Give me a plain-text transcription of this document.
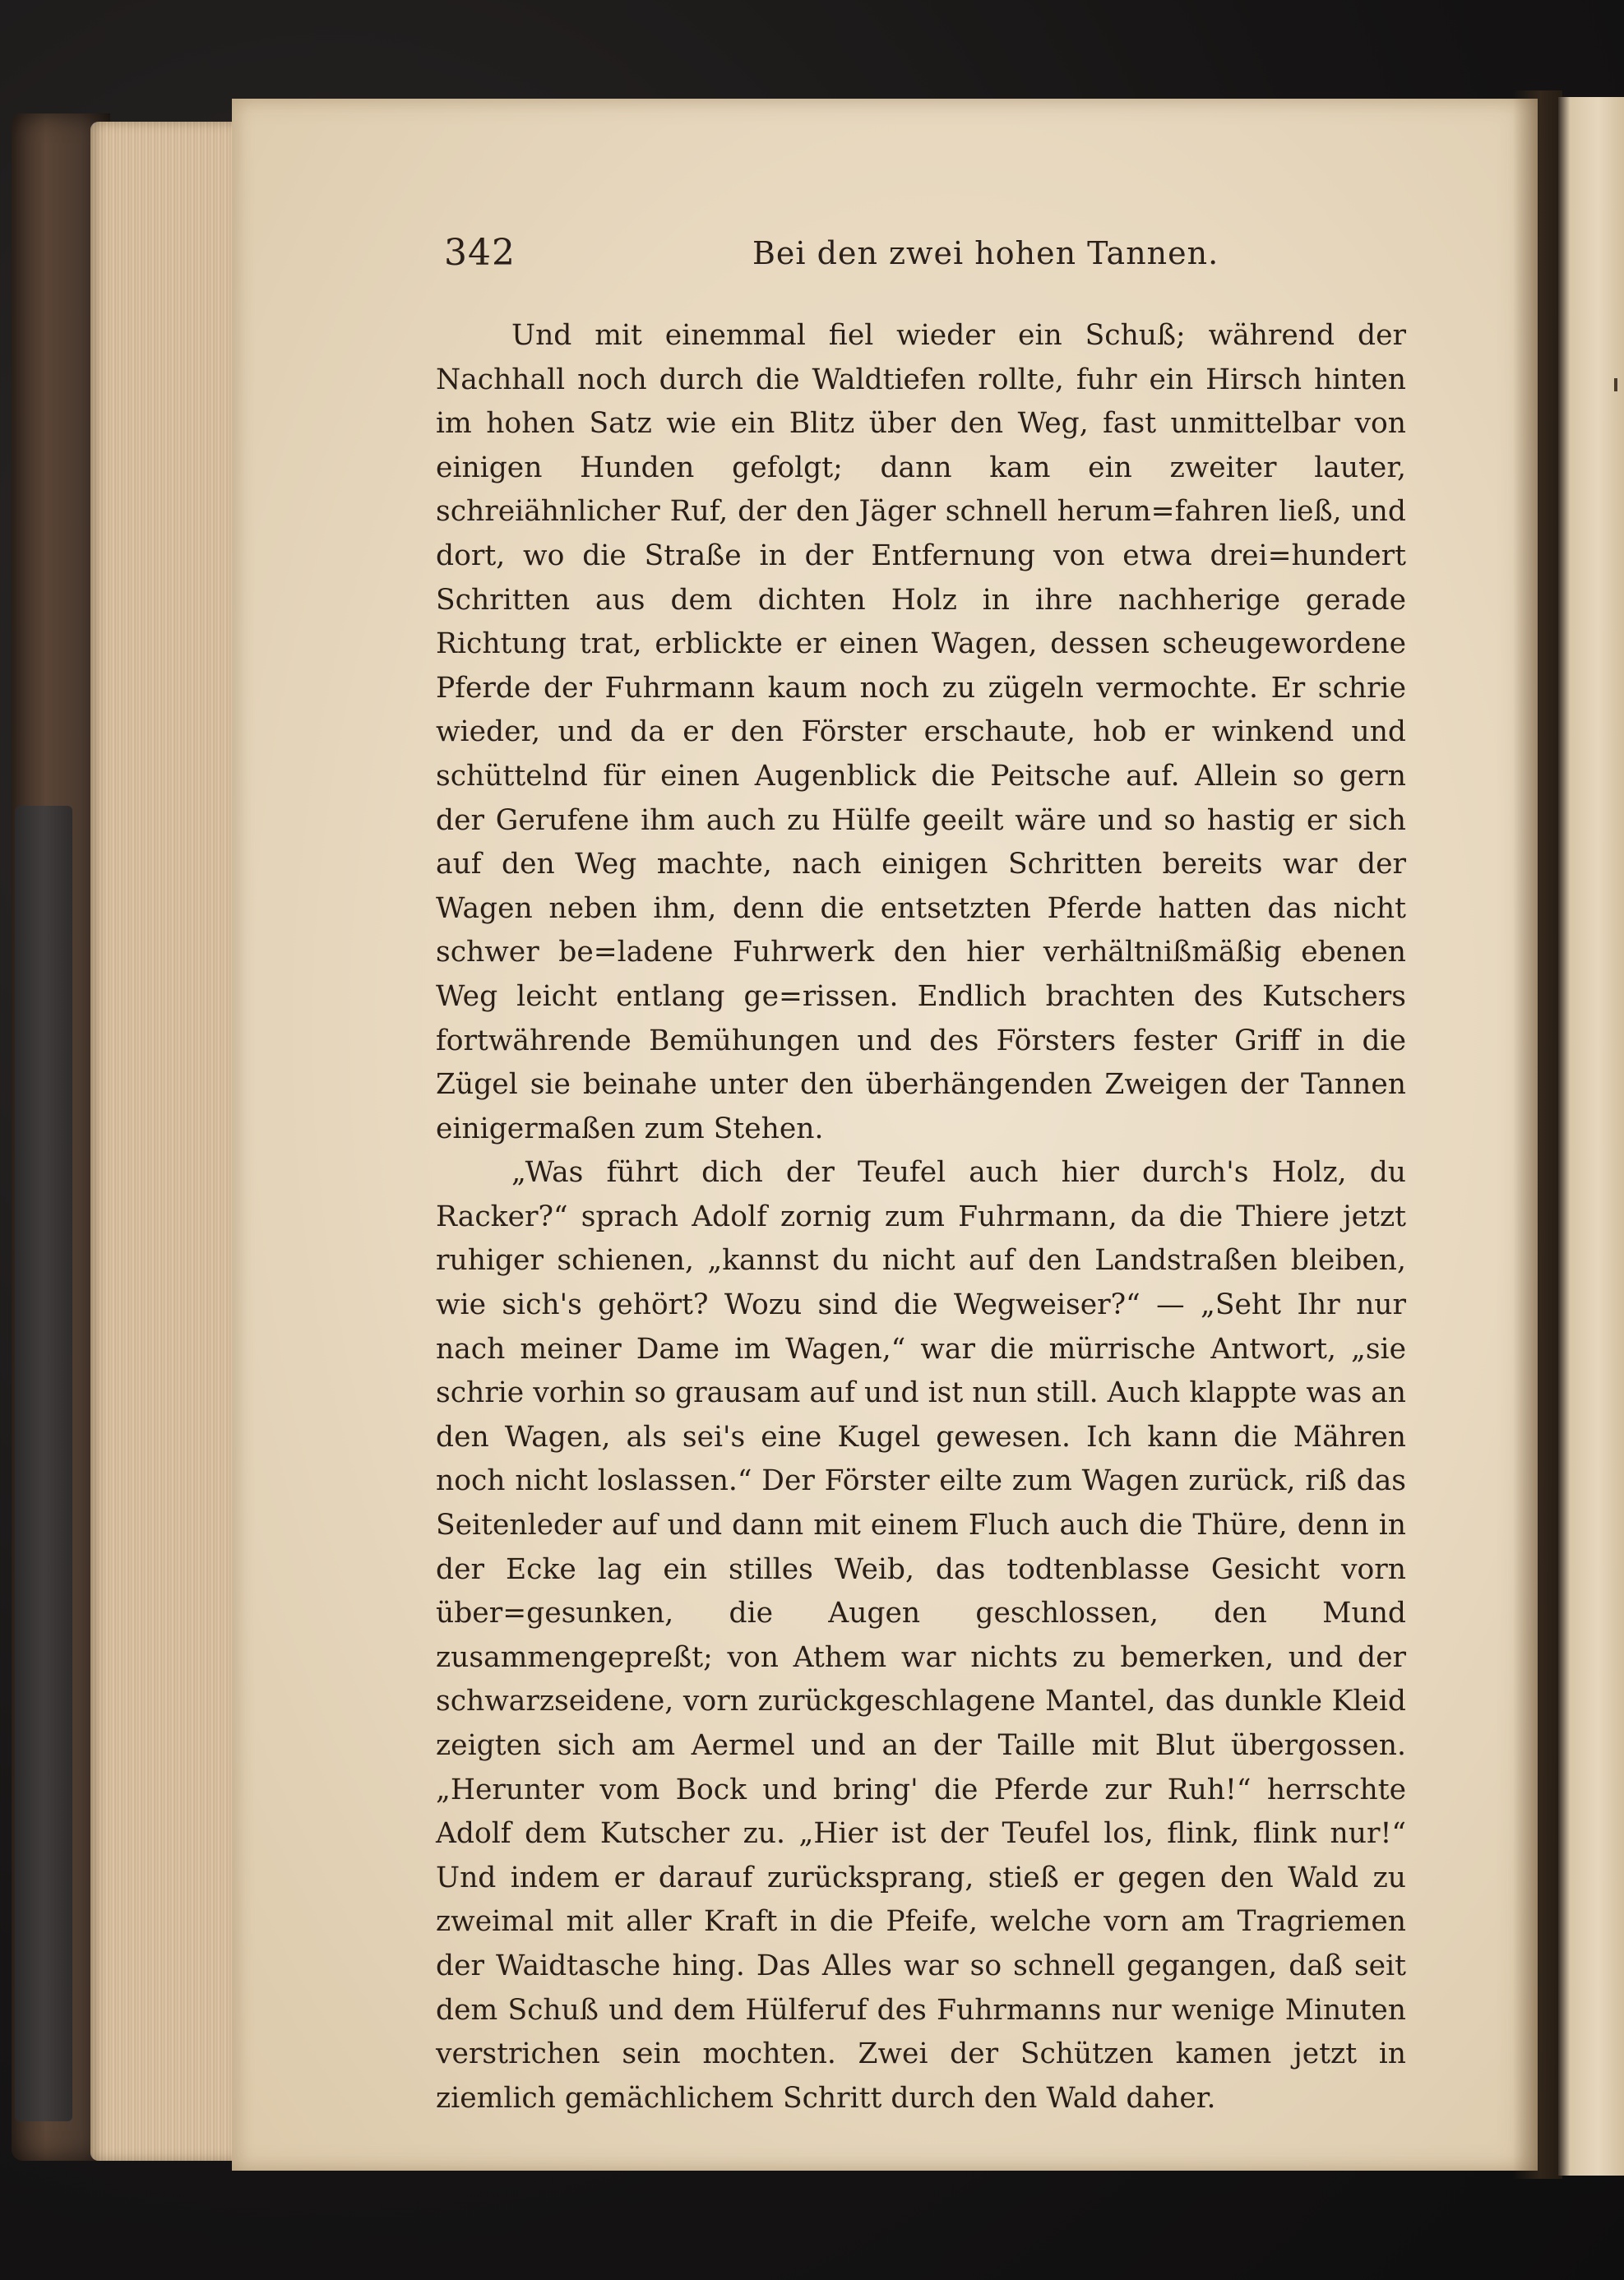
342	Bei den zwei hohen Tannen.

Und mit einemmal fiel wieder ein Schuß; während der Nachhall noch durch die Waldtiefen rollte, fuhr ein Hirsch hinten im hohen Satz wie ein Blitz über den Weg, fast unmittelbar von einigen Hunden gefolgt; dann kam ein zweiter lauter, schreiähnlicher Ruf, der den Jäger schnell herum=fahren ließ, und dort, wo die Straße in der Entfernung von etwa drei=hundert Schritten aus dem dichten Holz in ihre nachherige gerade Richtung trat, erblickte er einen Wagen, dessen scheugewordene Pferde der Fuhrmann kaum noch zu zügeln vermochte. Er schrie wieder, und da er den Förster erschaute, hob er winkend und schüttelnd für einen Augenblick die Peitsche auf. Allein so gern der Gerufene ihm auch zu Hülfe geeilt wäre und so hastig er sich auf den Weg machte, nach einigen Schritten bereits war der Wagen neben ihm, denn die entsetzten Pferde hatten das nicht schwer be=ladene Fuhrwerk den hier verhältnißmäßig ebenen Weg leicht entlang ge=rissen. Endlich brachten des Kutschers fortwährende Bemühungen und des Försters fester Griff in die Zügel sie beinahe unter den überhängenden Zweigen der Tannen einigermaßen zum Stehen.

„Was führt dich der Teufel auch hier durch's Holz, du Racker?“ sprach Adolf zornig zum Fuhrmann, da die Thiere jetzt ruhiger schienen, „kannst du nicht auf den Landstraßen bleiben, wie sich's gehört? Wozu sind die Wegweiser?“ — „Seht Ihr nur nach meiner Dame im Wagen,“ war die mürrische Antwort, „sie schrie vorhin so grausam auf und ist nun still. Auch klappte was an den Wagen, als sei's eine Kugel gewesen. Ich kann die Mähren noch nicht loslassen.“ Der Förster eilte zum Wagen zurück, riß das Seitenleder auf und dann mit einem Fluch auch die Thüre, denn in der Ecke lag ein stilles Weib, das todtenblasse Gesicht vorn über=gesunken, die Augen geschlossen, den Mund zusammengepreßt; von Athem war nichts zu bemerken, und der schwarzseidene, vorn zurückgeschlagene Mantel, das dunkle Kleid zeigten sich am Aermel und an der Taille mit Blut übergossen. „Herunter vom Bock und bring' die Pferde zur Ruh!“ herrschte Adolf dem Kutscher zu. „Hier ist der Teufel los, flink, flink nur!“ Und indem er darauf zurücksprang, stieß er gegen den Wald zu zweimal mit aller Kraft in die Pfeife, welche vorn am Tragriemen der Waidtasche hing. Das Alles war so schnell gegangen, daß seit dem Schuß und dem Hülferuf des Fuhrmanns nur wenige Minuten verstrichen sein mochten. Zwei der Schützen kamen jetzt in ziemlich gemächlichem Schritt durch den Wald daher.
